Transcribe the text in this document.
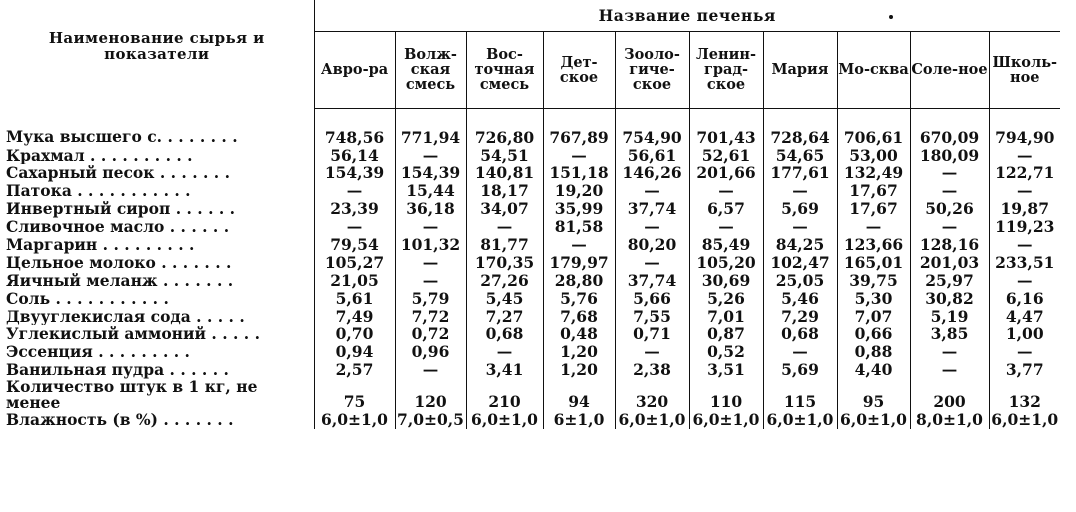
Наименование сырья и показатели	Название печенья									
	Авро-ра	Волж-ская смесь	Вос-точная смесь	Дет-ское	Зооло-гиче-ское	Ленин-град-ское	Мария	Мо-сква	Соле-ное	Школь-ное
Мука высшего с. . . . . . . .	748,56	771,94	726,80	767,89	754,90	701,43	728,64	706,61	670,09	794,90
Крахмал . . . . . . . . . .	56,14	—	54,51	—	56,61	52,61	54,65	53,00	180,09	—
Сахарный песок . . . . . . .	154,39	154,39	140,81	151,18	146,26	201,66	177,61	132,49	—	122,71
Патока . . . . . . . . . . .	—	15,44	18,17	19,20	—	—	—	17,67	—	—
Инвертный сироп . . . . . .	23,39	36,18	34,07	35,99	37,74	6,57	5,69	17,67	50,26	19,87
Сливочное масло . . . . . .	—	—	—	81,58	—	—	—	—	—	119,23
Маргарин . . . . . . . . .	79,54	101,32	81,77	—	80,20	85,49	84,25	123,66	128,16	—
Цельное молоко . . . . . . .	105,27	—	170,35	179,97	—	105,20	102,47	165,01	201,03	233,51
Яичный меланж . . . . . . .	21,05	—	27,26	28,80	37,74	30,69	25,05	39,75	25,97	—
Соль . . . . . . . . . . .	5,61	5,79	5,45	5,76	5,66	5,26	5,46	5,30	30,82	6,16
Двууглекислая сода . . . . .	7,49	7,72	7,27	7,68	7,55	7,01	7,29	7,07	5,19	4,47
Углекислый аммоний . . . . .	0,70	0,72	0,68	0,48	0,71	0,87	0,68	0,66	3,85	1,00
Эссенция . . . . . . . . .	0,94	0,96	—	1,20	—	0,52	—	0,88	—	—
Ванильная пудра . . . . . .	2,57	—	3,41	1,20	2,38	3,51	5,69	4,40	—	3,77
Количество штук в 1 кг, не менее	75	120	210	94	320	110	115	95	200	132
Влажность (в %) . . . . . . .	6,0±1,0	7,0±0,5	6,0±1,0	6±1,0	6,0±1,0	6,0±1,0	6,0±1,0	6,0±1,0	8,0±1,0	6,0±1,0
